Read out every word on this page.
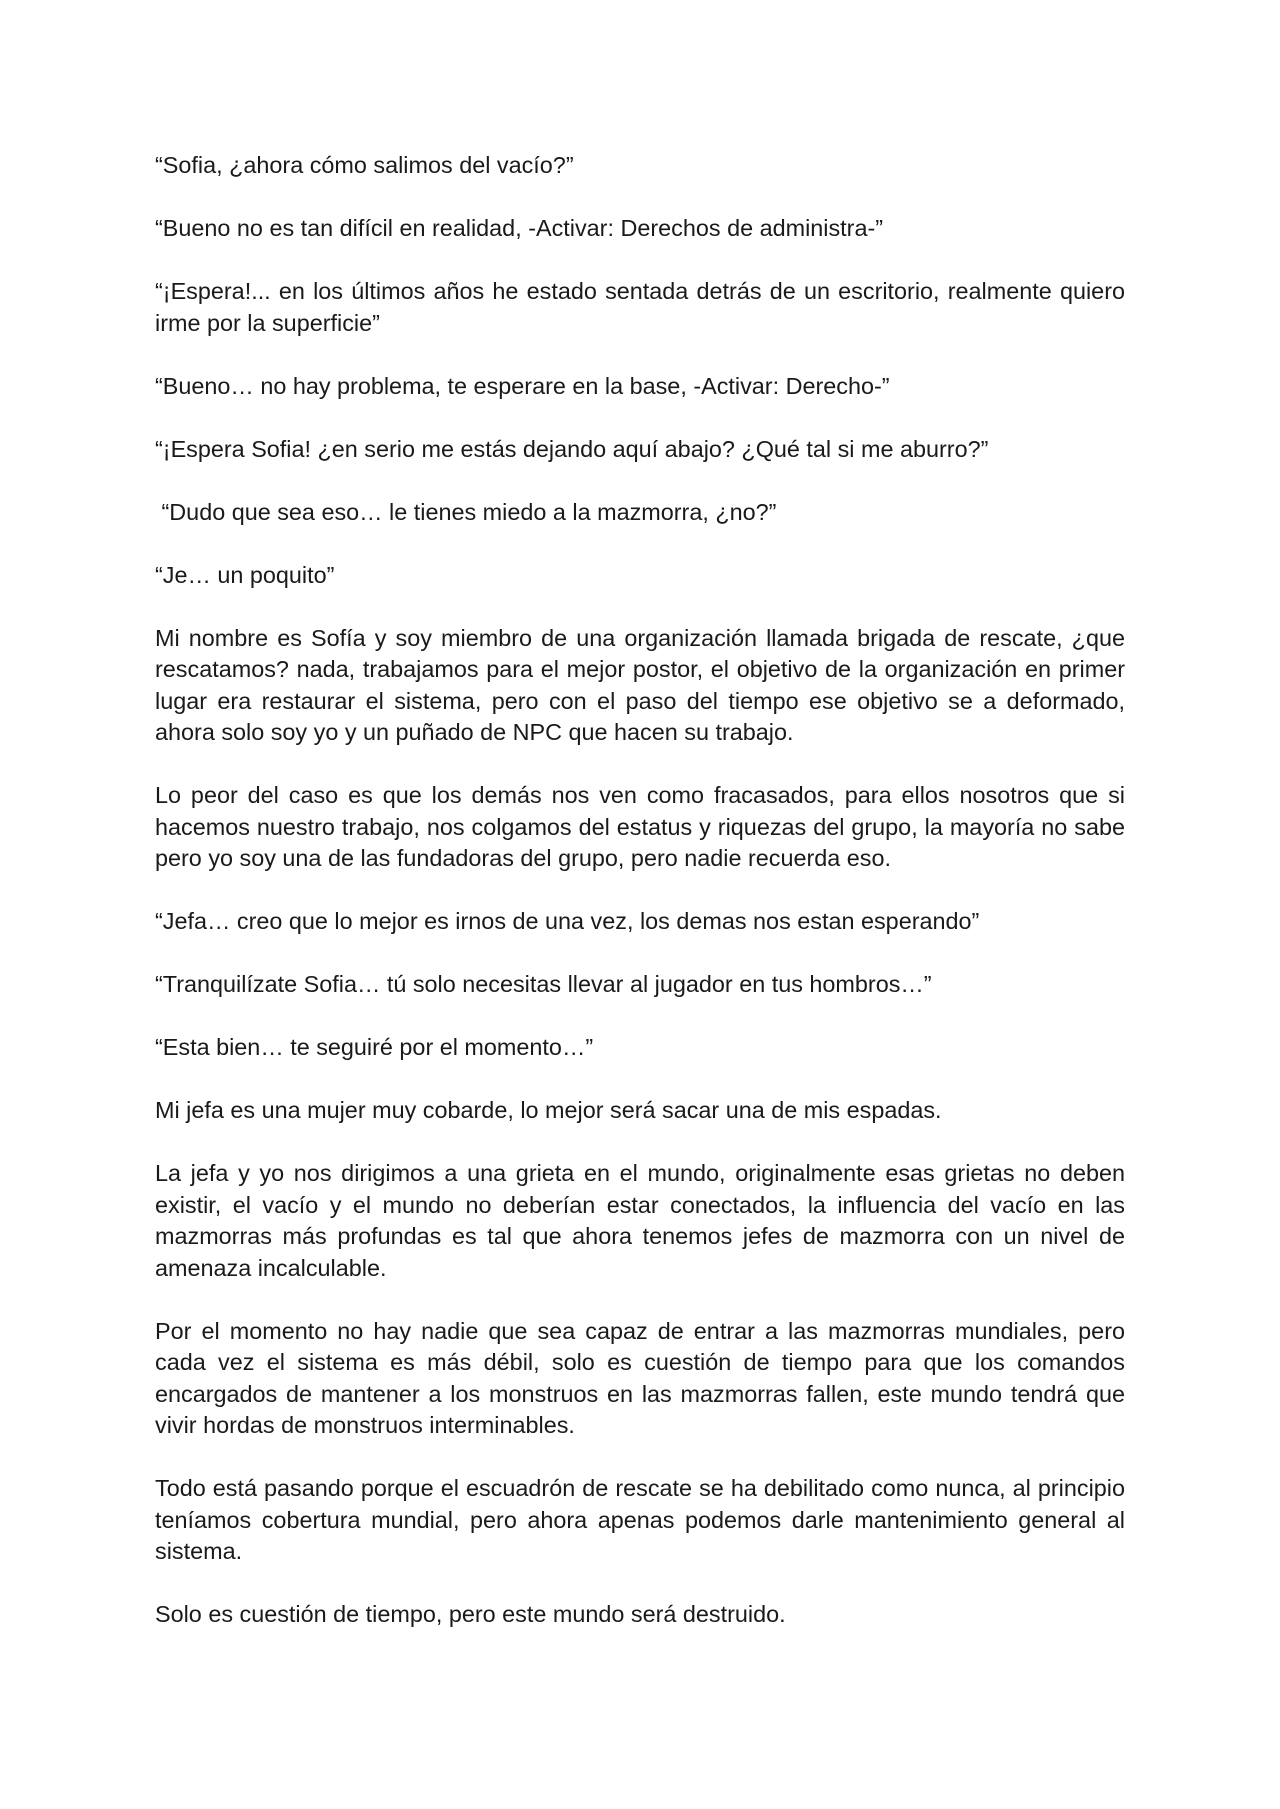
“Sofia, ¿ahora cómo salimos del vacío?”

“Bueno no es tan difícil en realidad, -Activar: Derechos de administra-”

“¡Espera!... en los últimos años he estado sentada detrás de un escritorio, realmente quiero irme por la superficie”

“Bueno… no hay problema, te esperare en la base, -Activar: Derecho-”

“¡Espera Sofia! ¿en serio me estás dejando aquí abajo? ¿Qué tal si me aburro?”

“Dudo que sea eso… le tienes miedo a la mazmorra, ¿no?”

“Je… un poquito”

Mi nombre es Sofía y soy miembro de una organización llamada brigada de rescate, ¿que rescatamos? nada, trabajamos para el mejor postor, el objetivo de la organización en primer lugar era restaurar el sistema, pero con el paso del tiempo ese objetivo se a deformado, ahora solo soy yo y un puñado de NPC que hacen su trabajo.

Lo peor del caso es que los demás nos ven como fracasados, para ellos nosotros que si hacemos nuestro trabajo, nos colgamos del estatus y riquezas del grupo, la mayoría no sabe pero yo soy una de las fundadoras del grupo, pero nadie recuerda eso.

“Jefa… creo que lo mejor es irnos de una vez, los demas nos estan esperando”

“Tranquilízate Sofia… tú solo necesitas llevar al jugador en tus hombros…”

“Esta bien… te seguiré por el momento…”

Mi jefa es una mujer muy cobarde, lo mejor será sacar una de mis espadas.

La jefa y yo nos dirigimos a una grieta en el mundo, originalmente esas grietas no deben existir, el vacío y el mundo no deberían estar conectados, la influencia del vacío en las mazmorras más profundas es tal que ahora tenemos jefes de mazmorra con un nivel de amenaza incalculable.

Por el momento no hay nadie que sea capaz de entrar a las mazmorras mundiales, pero cada vez el sistema es más débil, solo es cuestión de tiempo para que los comandos encargados de mantener a los monstruos en las mazmorras fallen, este mundo tendrá que vivir hordas de monstruos interminables.

Todo está pasando porque el escuadrón de rescate se ha debilitado como nunca, al principio teníamos cobertura mundial, pero ahora apenas podemos darle mantenimiento general al sistema.

Solo es cuestión de tiempo, pero este mundo será destruido.
